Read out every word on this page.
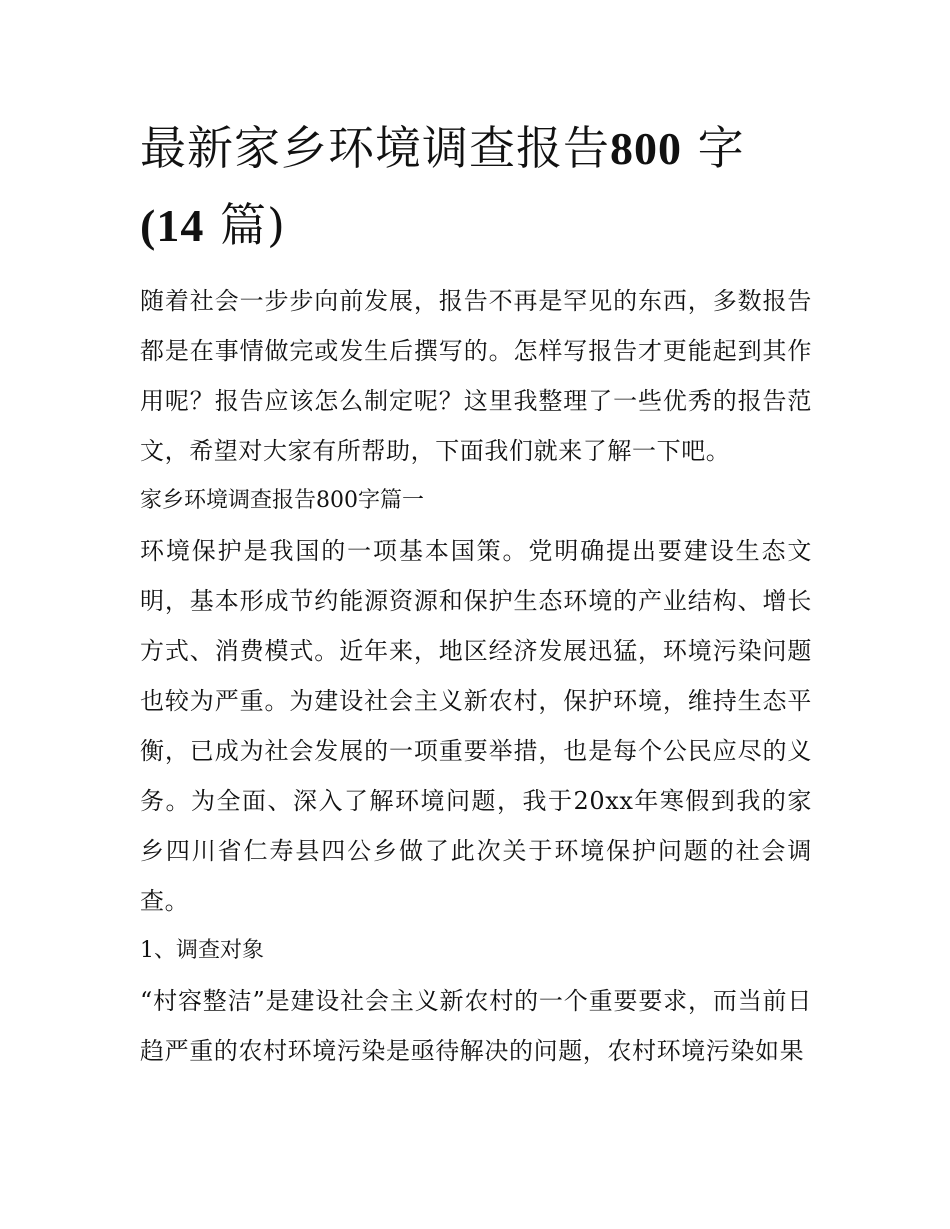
最新家乡环境调查报告800 字
(14 篇)

随着社会一步步向前发展，报告不再是罕见的东西，多数报告都是在事情做完或发生后撰写的。怎样写报告才更能起到其作用呢？报告应该怎么制定呢？这里我整理了一些优秀的报告范文，希望对大家有所帮助，下面我们就来了解一下吧。

家乡环境调查报告800字篇一

环境保护是我国的一项基本国策。党明确提出要建设生态文明，基本形成节约能源资源和保护生态环境的产业结构、增长方式、消费模式。近年来，地区经济发展迅猛，环境污染问题也较为严重。为建设社会主义新农村，保护环境，维持生态平衡，已成为社会发展的一项重要举措，也是每个公民应尽的义务。为全面、深入了解环境问题，我于20xx年寒假到我的家乡四川省仁寿县四公乡做了此次关于环境保护问题的社会调查。

1、调查对象

“村容整洁”是建设社会主义新农村的一个重要要求，而当前日趋严重的农村环境污染是亟待解决的问题，农村环境污染如果
